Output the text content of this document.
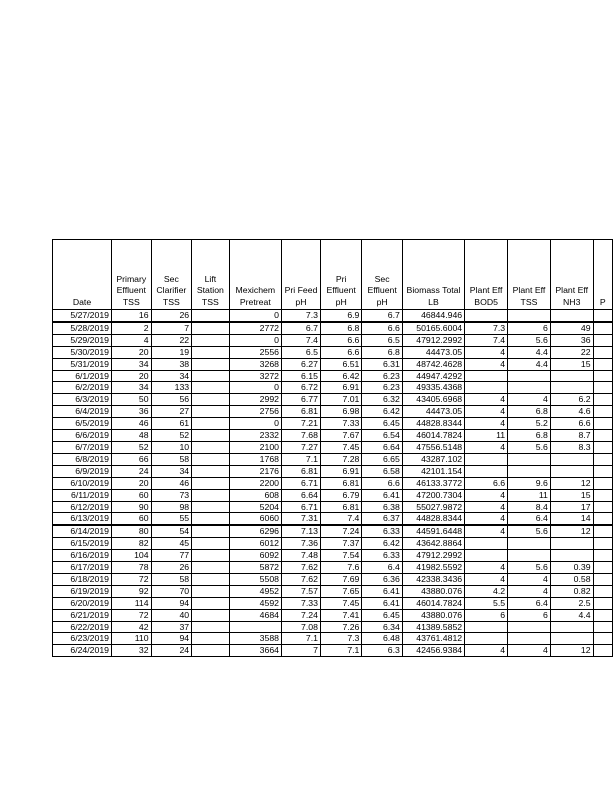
Date	Primary Effluent TSS	Sec Clarifier TSS	Lift Station TSS	Mexichem Pretreat	Pri Feed pH	Pri Effluent pH	Sec Effluent pH	Biomass Total LB	Plant Eff BOD5	Plant Eff TSS	Plant Eff NH3	P
5/27/2019	16	26		0	7.3	6.9	6.7	46844.946				
5/28/2019	2	7		2772	6.7	6.8	6.6	50165.6004	7.3	6	49	
5/29/2019	4	22		0	7.4	6.6	6.5	47912.2992	7.4	5.6	36	
5/30/2019	20	19		2556	6.5	6.6	6.8	44473.05	4	4.4	22	
5/31/2019	34	38		3268	6.27	6.51	6.31	48742.4628	4	4.4	15	
6/1/2019	20	34		3272	6.15	6.42	6.23	44947.4292				
6/2/2019	34	133		0	6.72	6.91	6.23	49335.4368				
6/3/2019	50	56		2992	6.77	7.01	6.32	43405.6968	4	4	6.2	
6/4/2019	36	27		2756	6.81	6.98	6.42	44473.05	4	6.8	4.6	
6/5/2019	46	61		0	7.21	7.33	6.45	44828.8344	4	5.2	6.6	
6/6/2019	48	52		2332	7.68	7.67	6.54	46014.7824	11	6.8	8.7	
6/7/2019	52	10		2100	7.27	7.45	6.64	47556.5148	4	5.6	8.3	
6/8/2019	66	58		1768	7.1	7.28	6.65	43287.102				
6/9/2019	24	34		2176	6.81	6.91	6.58	42101.154				
6/10/2019	20	46		2200	6.71	6.81	6.6	46133.3772	6.6	9.6	12	
6/11/2019	60	73		608	6.64	6.79	6.41	47200.7304	4	11	15	
6/12/2019	90	98		5204	6.71	6.81	6.38	55027.9872	4	8.4	17	
6/13/2019	60	55		6060	7.31	7.4	6.37	44828.8344	4	6.4	14	
6/14/2019	80	54		6296	7.13	7.24	6.33	44591.6448	4	5.6	12	
6/15/2019	82	45		6012	7.36	7.37	6.42	43642.8864				
6/16/2019	104	77		6092	7.48	7.54	6.33	47912.2992				
6/17/2019	78	26		5872	7.62	7.6	6.4	41982.5592	4	5.6	0.39	
6/18/2019	72	58		5508	7.62	7.69	6.36	42338.3436	4	4	0.58	
6/19/2019	92	70		4952	7.57	7.65	6.41	43880.076	4.2	4	0.82	
6/20/2019	114	94		4592	7.33	7.45	6.41	46014.7824	5.5	6.4	2.5	
6/21/2019	72	40		4684	7.24	7.41	6.45	43880.076	6	6	4.4	
6/22/2019	42	37			7.08	7.26	6.34	41389.5852				
6/23/2019	110	94		3588	7.1	7.3	6.48	43761.4812				
6/24/2019	32	24		3664	7	7.1	6.3	42456.9384	4	4	12	
